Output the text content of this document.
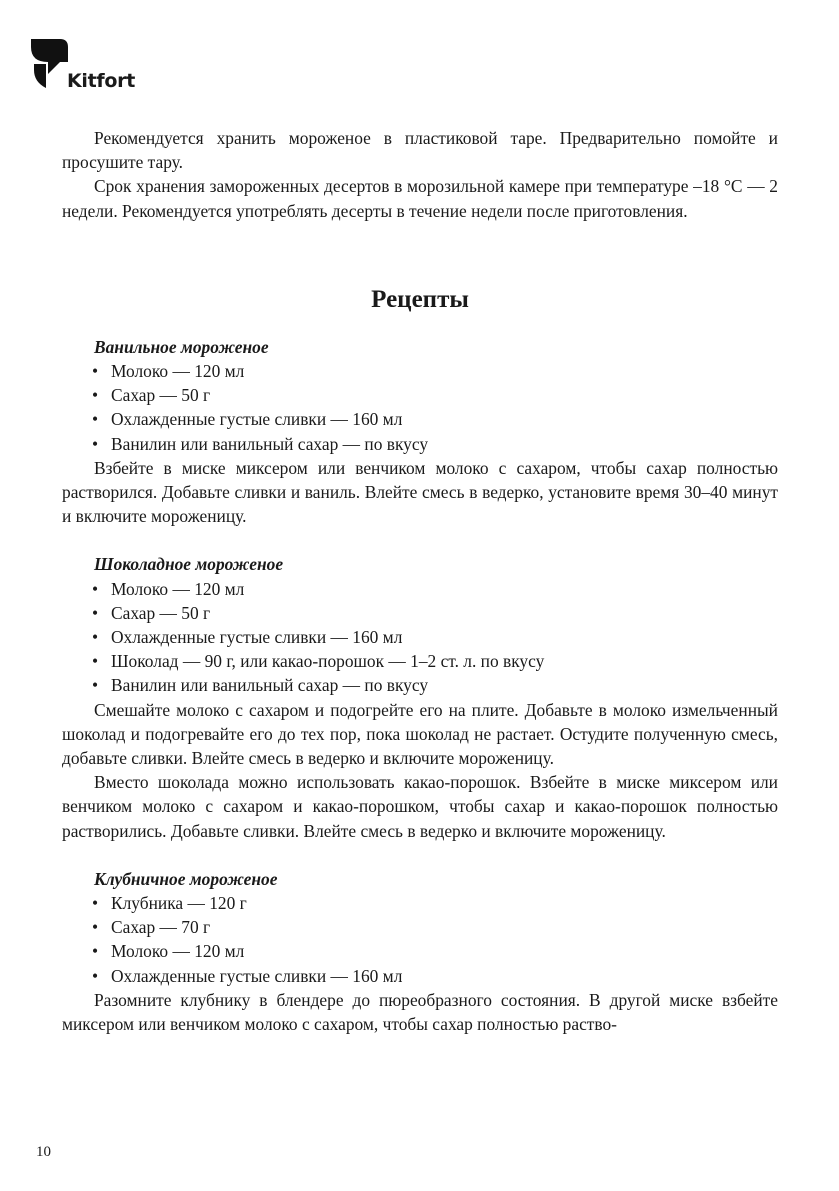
Kitfort

Рекомендуется хранить мороженое в пластиковой таре. Предварительно помойте и просушите тару.

Срок хранения замороженных десертов в морозильной камере при температуре –18 °C — 2 недели. Рекомендуется употреблять десерты в течение недели после приготовления.

Рецепты
Ванильное мороженое
• Молоко — 120 мл
• Сахар — 50 г
• Охлажденные густые сливки — 160 мл
• Ванилин или ванильный сахар — по вкусу

Взбейте в миске миксером или венчиком молоко с сахаром, чтобы сахар полностью растворился. Добавьте сливки и ваниль. Влейте смесь в ведерко, установите время 30–40 минут и включите мороженицу.

Шоколадное мороженое
• Молоко — 120 мл
• Сахар — 50 г
• Охлажденные густые сливки — 160 мл
• Шоколад — 90 г, или какао-порошок — 1–2 ст. л. по вкусу
• Ванилин или ванильный сахар — по вкусу

Смешайте молоко с сахаром и подогрейте его на плите. Добавьте в молоко измельченный шоколад и подогревайте его до тех пор, пока шоколад не растает. Остудите полученную смесь, добавьте сливки. Влейте смесь в ведерко и включите мороженицу.

Вместо шоколада можно использовать какао-порошок. Взбейте в миске миксером или венчиком молоко с сахаром и какао-порошком, чтобы сахар и какао-порошок полностью растворились. Добавьте сливки. Влейте смесь в ведерко и включите мороженицу.

Клубничное мороженое
• Клубника — 120 г
• Сахар — 70 г
• Молоко — 120 мл
• Охлажденные густые сливки — 160 мл

Разомните клубнику в блендере до пюреобразного состояния. В другой миске взбейте миксером или венчиком молоко с сахаром, чтобы сахар полностью раство-

10
